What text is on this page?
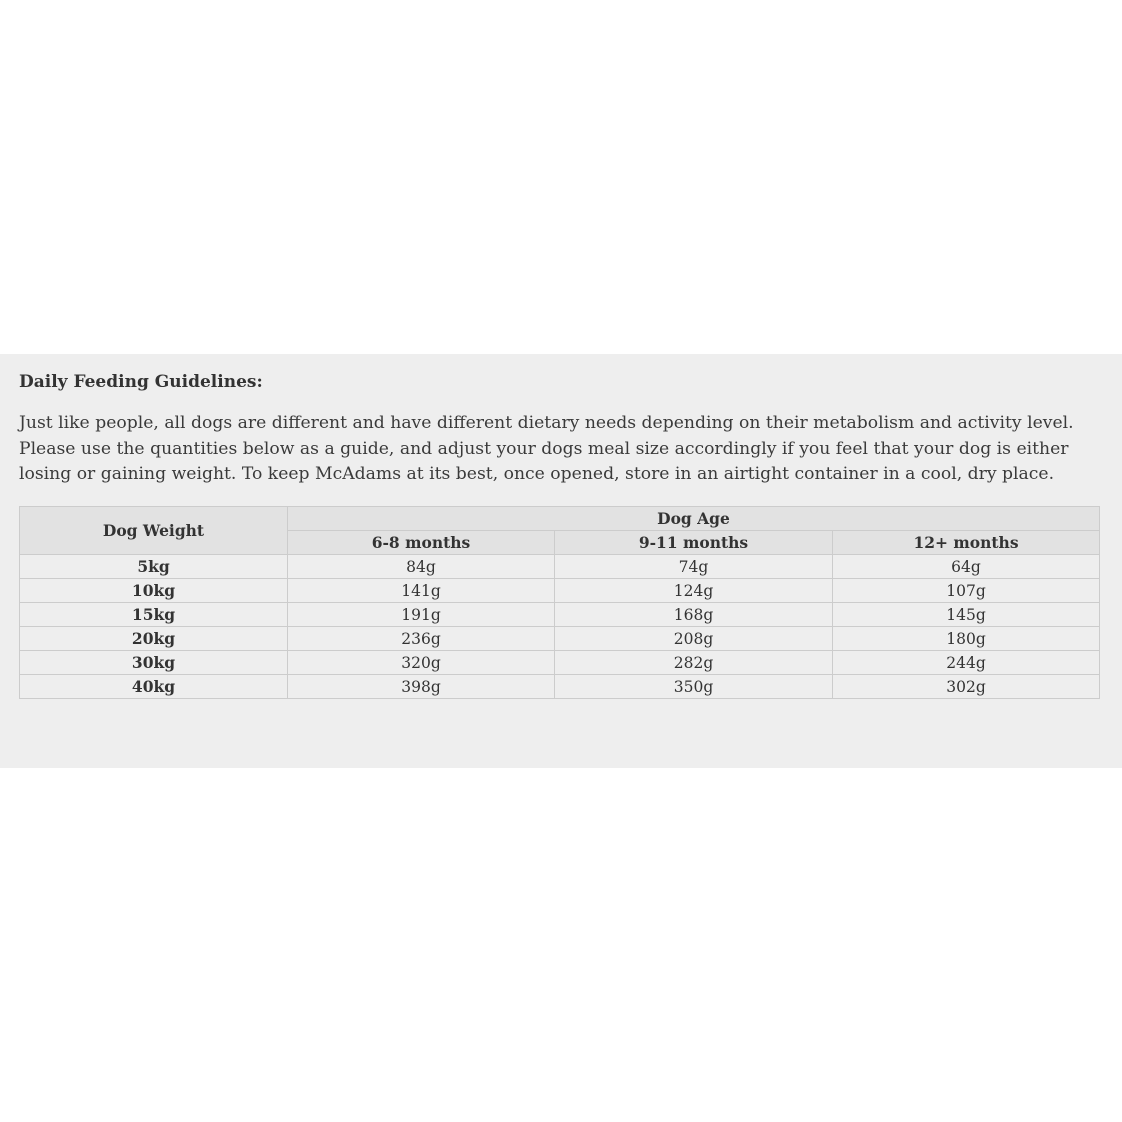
Daily Feeding Guidelines:

Just like people, all dogs are different and have different dietary needs depending on their metabolism and activity level. Please use the quantities below as a guide, and adjust your dogs meal size accordingly if you feel that your dog is either losing or gaining weight. To keep McAdams at its best, once opened, store in an airtight container in a cool, dry place.

Dog Weight	Dog Age		
	6-8 months	9-11 months	12+ months
5kg	84g	74g	64g
10kg	141g	124g	107g
15kg	191g	168g	145g
20kg	236g	208g	180g
30kg	320g	282g	244g
40kg	398g	350g	302g
